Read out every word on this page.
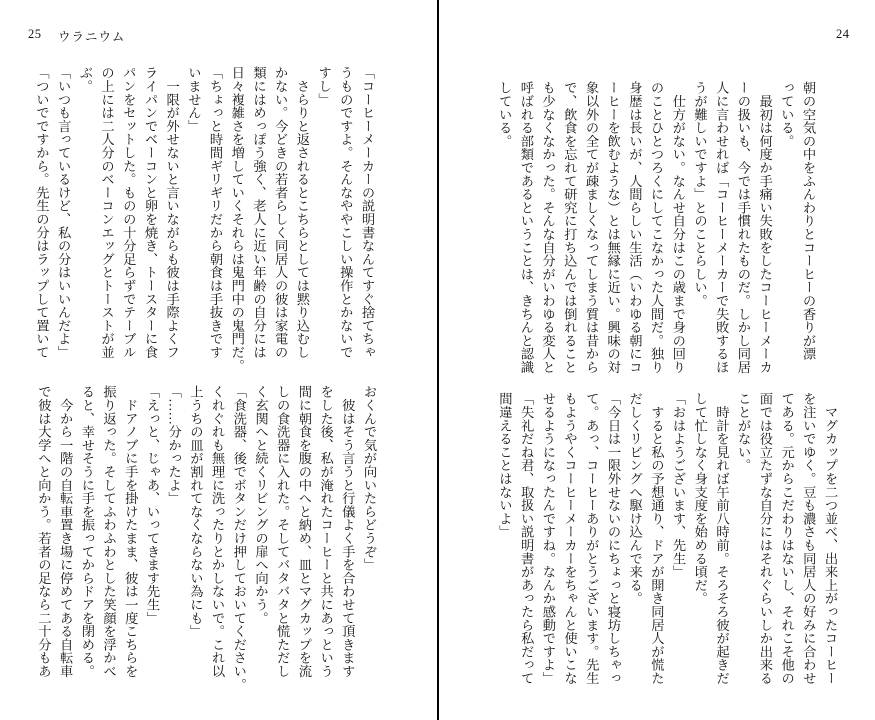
25 ウラニウム
「コーヒーメーカーの説明書なんてすぐ捨てちゃ
うものですよ。そんなややこしい操作とかないで
すし」
　さらりと返されるとこちらとしては黙り込むし
かない。今どきの若者らしく同居人の彼は家電の
類にはめっぽう強く、老人に近い年齢の自分には
日々複雑さを増していくそれらは鬼門中の鬼門だ。
「ちょっと時間ギリギリだから朝食は手抜きです
いません」
　一限が外せないと言いながらも彼は手際よくフ
ライパンでベーコンと卵を焼き、トースターに食
パンをセットした。ものの十分足らずでテーブル
の上には二人分のベーコンエッグとトーストが並
ぶ。
「いつも言っているけど、私の分はいいんだよ」
「ついでですから。先生の分はラップして置いて
おくんで気が向いたらどうぞ」
　彼はそう言うと行儀よく手を合わせて頂きます
をした後、私が淹れたコーヒーと共にあっという
間に朝食を腹の中へと納め、皿とマグカップを流
しの食洗器に入れた。そしてバタバタと慌ただし
く玄関へと続くリビングの扉へ向かう。
「食洗器、後でボタンだけ押しておいてください。
くれぐれも無理に洗ったりとかしないで。これ以
上うちの皿が割れてなくならない為にも」
「……分かったよ」
「えっと、じゃあ、いってきます先生」
　ドアノブに手を掛けたまま、彼は一度こちらを
振り返った。そしてふわふわとした笑顔を浮かべ
ると、幸せそうに手を振ってからドアを閉める。
　今から一階の自転車置き場に停めてある自転車
で彼は大学へと向かう。若者の足なら二十分もあ
24
朝の空気の中をふんわりとコーヒーの香りが漂
っている。
　最初は何度か手痛い失敗をしたコーヒーメーカ
ーの扱いも、今では手慣れたものだ。しかし同居
人に言わせれば「コーヒーメーカーで失敗するほ
うが難しいですよ」とのことらしい。
　仕方がない。なんせ自分はこの歳まで身の回り
のことひとつろくにしてこなかった人間だ。独り
身歴は長いが、人間らしい生活（いわゆる朝にコ
ーヒーを飲むような）とは無縁に近い。興味の対
象以外の全てが疎ましくなってしまう質は昔から
で、飲食を忘れて研究に打ち込んでは倒れること
も少なくなかった。そんな自分がいわゆる変人と
呼ばれる部類であるということは、きちんと認識
している。
　マグカップを二つ並べ、出来上がったコーヒー
を注いでゆく。豆も濃さも同居人の好みに合わせ
てある。元からこだわりはないし、それこそ他の
面では役立たずな自分にはそれぐらいしか出来る
ことがない。
　時計を見れば午前八時前。そろそろ彼が起きだ
して忙しなく身支度を始める頃だ。
「おはようございます、先生」
　すると私の予想通り、ドアが開き同居人が慌た
だしくリビングへ駆け込んで来る。
「今日は一限外せないのにちょっと寝坊しちゃっ
て。あっ、コーヒーありがとうございます。先生
もようやくコーヒーメーカーをちゃんと使いこな
せるようになったんですね。なんか感動ですよ」
「失礼だね君、取扱い説明書があったら私だって
間違えることはないよ」
